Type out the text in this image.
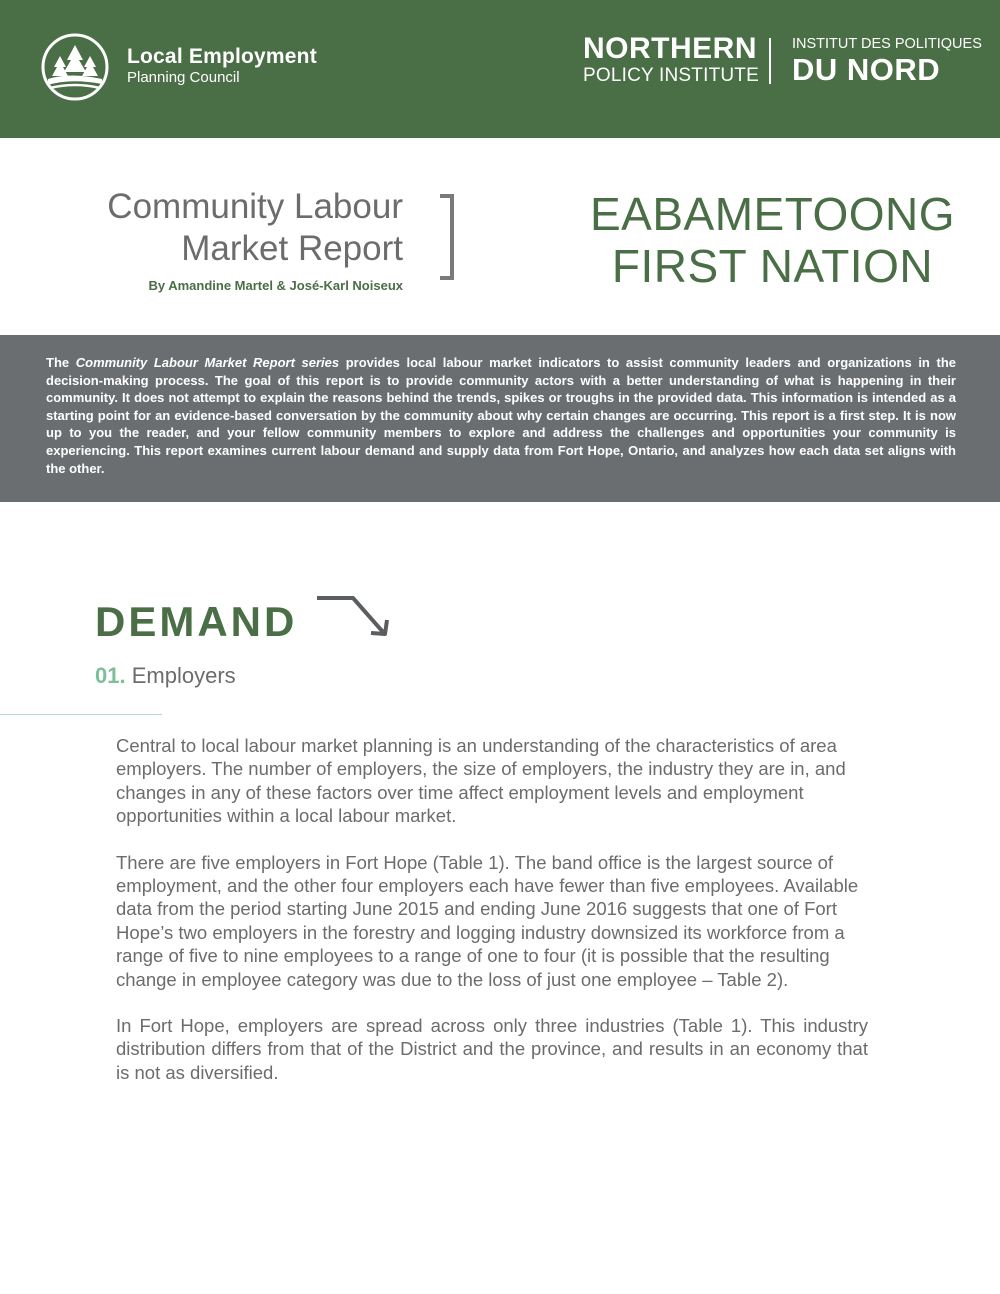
Local Employment
Planning Council
NORTHERN
POLICY INSTITUTE
INSTITUT DES POLITIQUES
DU NORD
Community Labour
Market Report
By Amandine Martel & José-Karl Noiseux
EABAMETOONG
FIRST NATION
The Community Labour Market Report series provides local labour market indicators to assist community leaders and organizations in the decision-making process. The goal of this report is to provide community actors with a better understanding of what is happening in their community. It does not attempt to explain the reasons behind the trends, spikes or troughs in the provided data. This information is intended as a starting point for an evidence-based conversation by the community about why certain changes are occurring. This report is a first step. It is now up to you the reader, and your fellow community members to explore and address the challenges and opportunities your community is experiencing. This report examines current labour demand and supply data from Fort Hope, Ontario, and analyzes how each data set aligns with the other.
DEMAND
01. Employers

Central to local labour market planning is an understanding of the characteristics of area employers. The number of employers, the size of employers, the industry they are in, and changes in any of these factors over time affect employment levels and employment opportunities within a local labour market.

There are five employers in Fort Hope (Table 1). The band office is the largest source of employment, and the other four employers each have fewer than five employees. Available data from the period starting June 2015 and ending June 2016 suggests that one of Fort Hope’s two employers in the forestry and logging industry downsized its workforce from a range of five to nine employees to a range of one to four (it is possible that the resulting change in employee category was due to the loss of just one employee – Table 2).

In Fort Hope, employers are spread across only three industries (Table 1). This industry distribution differs from that of the District and the province, and results in an economy that is not as diversified.
